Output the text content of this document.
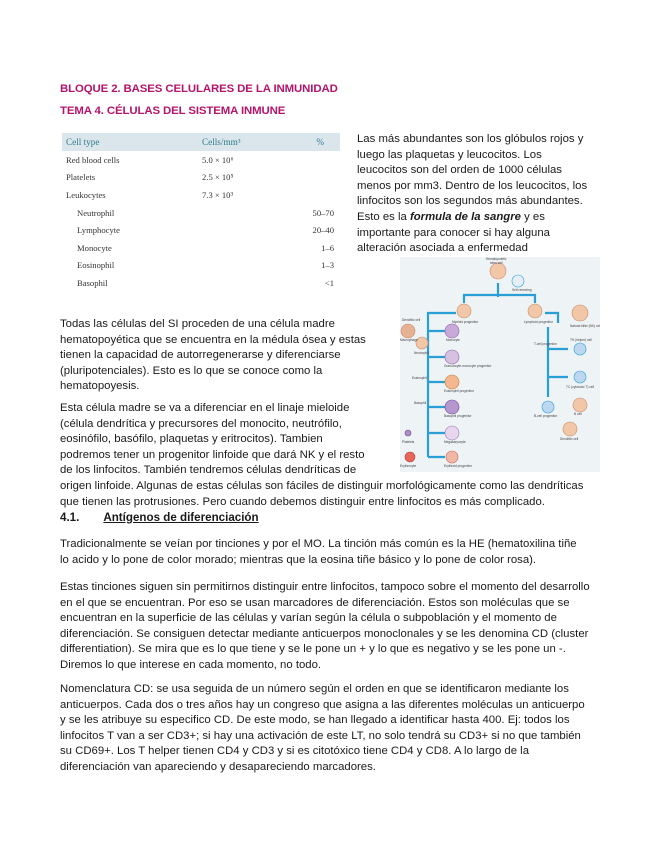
BLOQUE 2. BASES CELULARES DE LA INMUNIDAD
TEMA 4. CÉLULAS DEL SISTEMA INMUNE
Cell type	Cells/mm³	%
Red blood cells	5.0 × 10⁶	
Platelets	2.5 × 10⁵	
Leukocytes	7.3 × 10³	
Neutrophil		50–70
Lymphocyte		20–40
Monocyte		1–6
Eosinophil		1–3
Basophil		<1
Las más abundantes son los glóbulos rojos y
luego las plaquetas y leucocitos. Los
leucocitos son del orden de 1000 células
menos por mm3. Dentro de los leucocitos, los
linfocitos son los segundos más abundantes.
Esto es la formula de la sangre y es
importante para conocer si hay alguna
alteración asociada a enfermedad
Hematopoietic
stem cell
Self-renewing
Myeloid progenitor	Lymphoid progenitor
Dendritic cell
Macrophage	Monocyte
Neutrophil
Granulocyte-monocyte progenitor
Eosinophil
Eosinophil progenitor
Basophil
Basophil progenitor
Platelets	Megakaryocyte
Erythrocyte	Erythroid progenitor
Natural killer (NK) cell
T-cell progenitor
TH (helper) cell
TC (cytotoxic T) cell
B-cell progenitor	B cell
Dendritic cell
Todas las células del SI proceden de una célula madre
hematopoyética que se encuentra en la médula ósea y estas
tienen la capacidad de autorregenerarse y diferenciarse
(pluripotenciales). Esto es lo que se conoce como la
hematopoyesis.
Esta célula madre se va a diferenciar en el linaje mieloide
(célula dendrítica y precursores del monocito, neutrófilo,
eosinófilo, basófilo, plaquetas y eritrocitos). Tambien
podremos tener un progenitor linfoide que dará NK y el resto
de los linfocitos. También tendremos células dendríticas de
origen linfoide. Algunas de estas células son fáciles de distinguir morfológicamente como las dendríticas
que tienen las protrusiones. Pero cuando debemos distinguir entre linfocitos es más complicado.
4.1. Antígenos de diferenciación
Tradicionalmente se veían por tinciones y por el MO. La tinción más común es la HE (hematoxilina tiñe
lo acido y lo pone de color morado; mientras que la eosina tiñe básico y lo pone de color rosa).
Estas tinciones siguen sin permitirnos distinguir entre linfocitos, tampoco sobre el momento del desarrollo
en el que se encuentran. Por eso se usan marcadores de diferenciación. Estos son moléculas que se
encuentran en la superficie de las células y varían según la célula o subpoblación y el momento de
diferenciación. Se consiguen detectar mediante anticuerpos monoclonales y se les denomina CD (cluster
differentiation). Se mira que es lo que tiene y se le pone un + y lo que es negativo y se les pone un -.
Diremos lo que interese en cada momento, no todo.
Nomenclatura CD: se usa seguida de un número según el orden en que se identificaron mediante los
anticuerpos. Cada dos o tres años hay un congreso que asigna a las diferentes moléculas un anticuerpo
y se les atribuye su especifico CD. De este modo, se han llegado a identificar hasta 400. Ej: todos los
linfocitos T van a ser CD3+; si hay una activación de este LT, no solo tendrá su CD3+ si no que también
su CD69+. Los T helper tienen CD4 y CD3 y si es citotóxico tiene CD4 y CD8. A lo largo de la
diferenciación van apareciendo y desapareciendo marcadores.
